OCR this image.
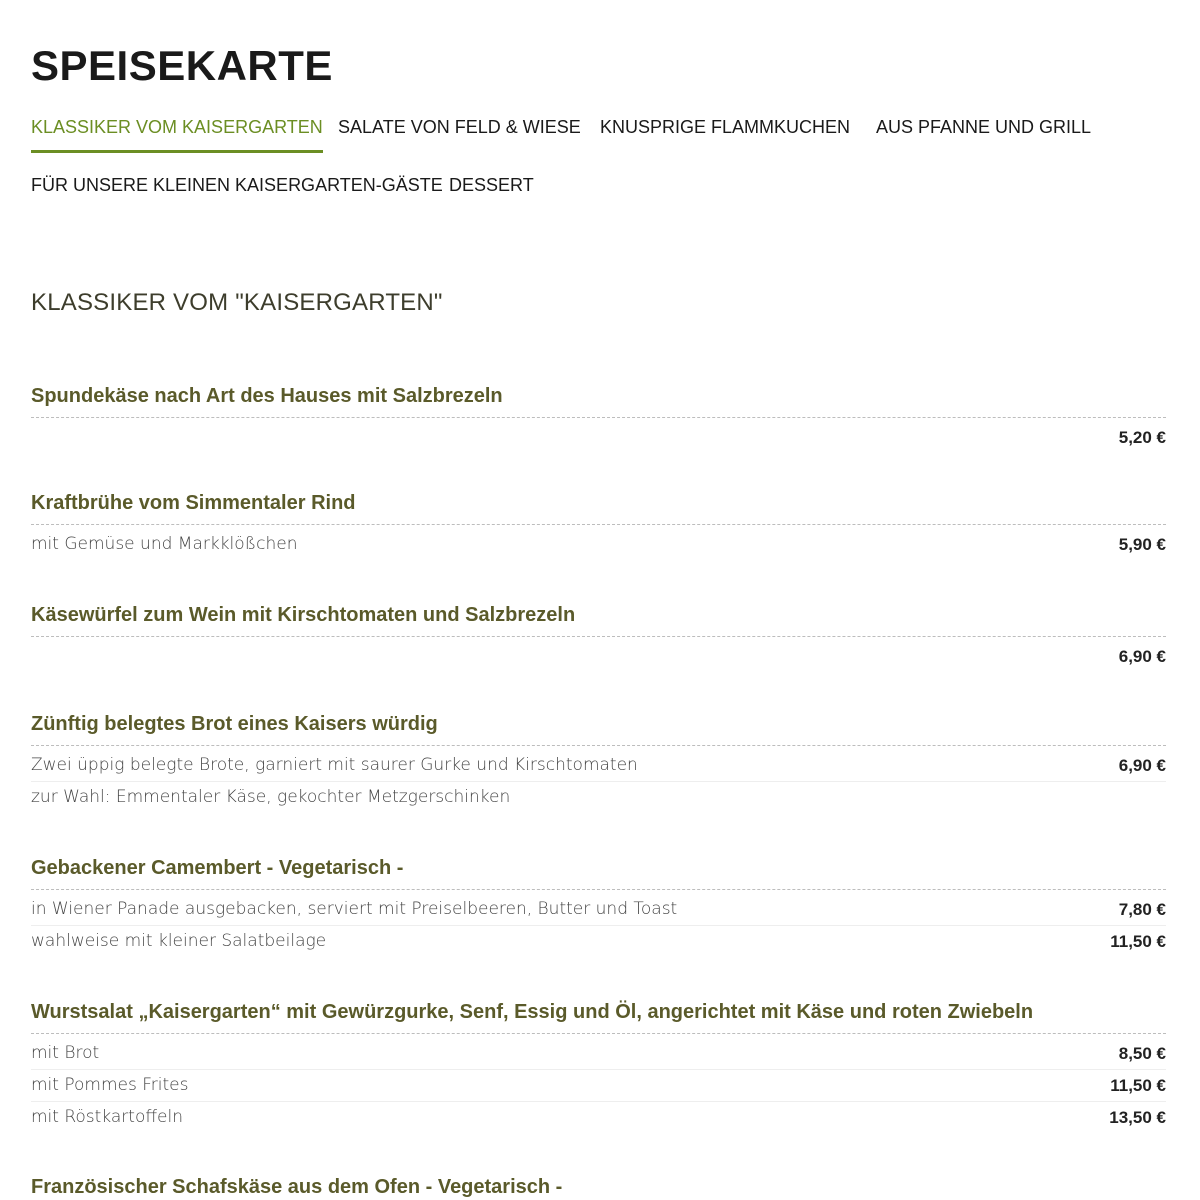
SPEISEKARTE
KLASSIKER VOM KAISERGARTEN SALATE VON FELD & WIESE KNUSPRIGE FLAMMKUCHEN AUS PFANNE UND GRILL
FÜR UNSERE KLEINEN KAISERGARTEN-GÄSTE DESSERT
KLASSIKER VOM "KAISERGARTEN"
Spundekäse nach Art des Hauses mit Salzbrezeln
5,20 €
Kraftbrühe vom Simmentaler Rind
mit Gemüse und Markklößchen	5,90 €
Käsewürfel zum Wein mit Kirschtomaten und Salzbrezeln
6,90 €
Zünftig belegtes Brot eines Kaisers würdig
Zwei üppig belegte Brote, garniert mit saurer Gurke und Kirschtomaten	6,90 €
zur Wahl: Emmentaler Käse, gekochter Metzgerschinken
Gebackener Camembert - Vegetarisch -
in Wiener Panade ausgebacken, serviert mit Preiselbeeren, Butter und Toast	7,80 €
wahlweise mit kleiner Salatbeilage	11,50 €
Wurstsalat „Kaisergarten“ mit Gewürzgurke, Senf, Essig und Öl, angerichtet mit Käse und roten Zwiebeln
mit Brot	8,50 €
mit Pommes Frites	11,50 €
mit Röstkartoffeln	13,50 €
Französischer Schafskäse aus dem Ofen - Vegetarisch -
